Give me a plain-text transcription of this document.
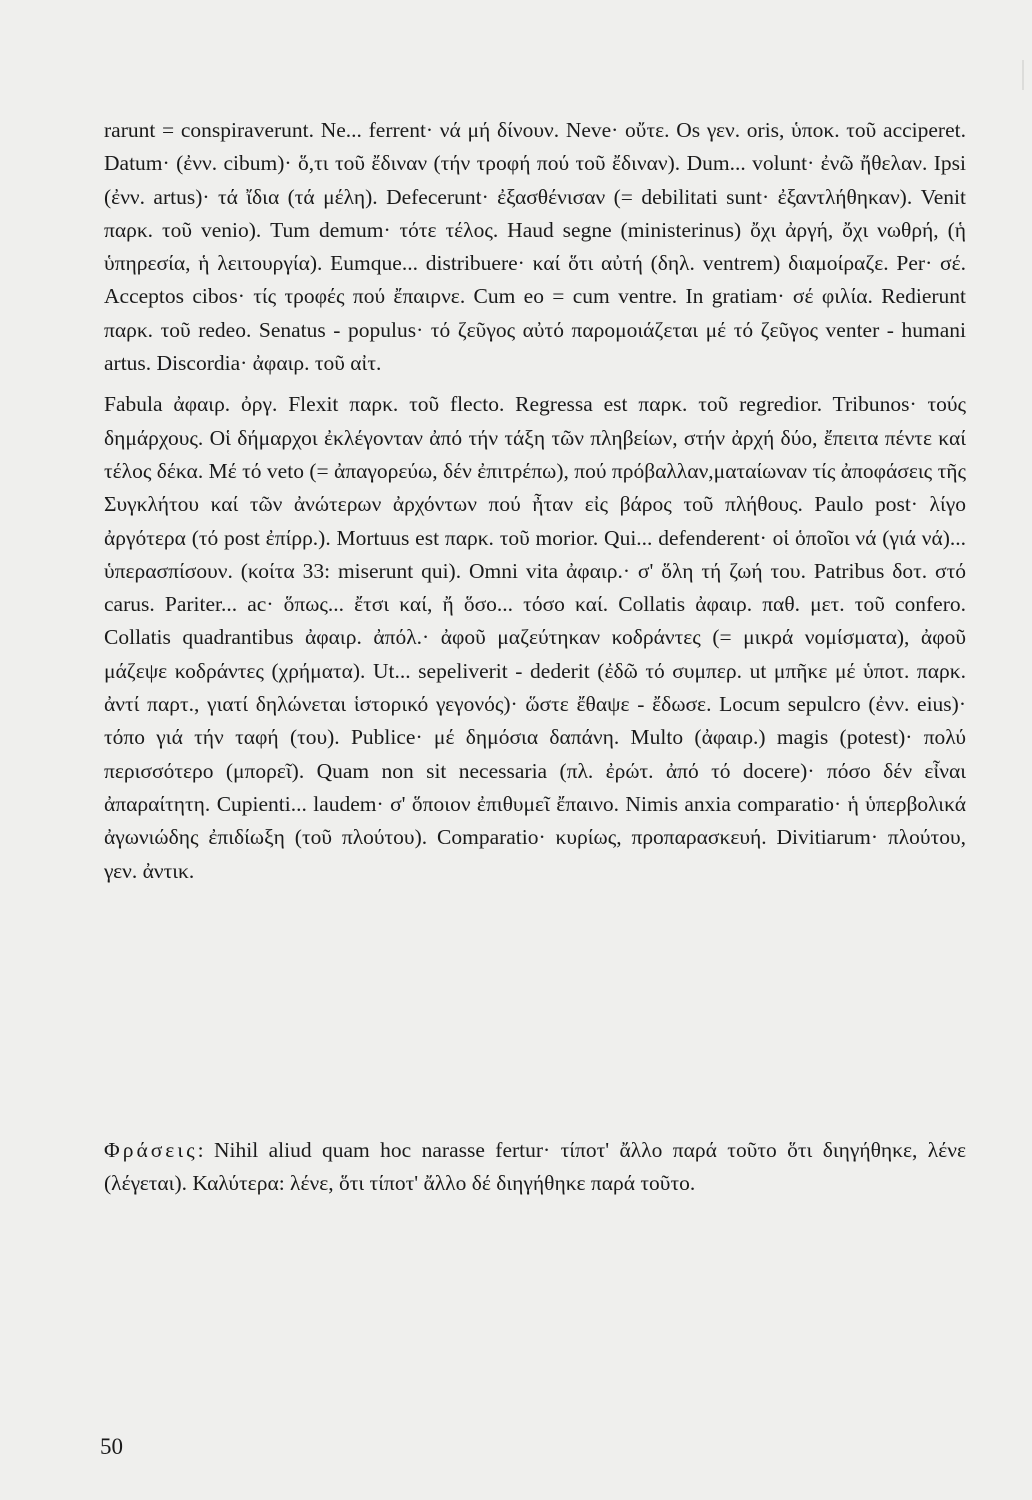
rarunt = conspiraverunt. Ne... ferrent· νά μή δίνουν. Neve· οὔτε. Os γεν. oris, ὑποκ. τοῦ acciperet. Datum· (ἐνν. cibum)· ὅ,τι τοῦ ἔδιναν (τήν τροφή πού τοῦ ἔδιναν). Dum... volunt· ἐνῶ ἤθελαν. Ipsi (ἐνν. artus)· τά ἴδια (τά μέλη). Defecerunt· ἐξασθένισαν (= debilitati sunt· ἐξαντλήθηκαν). Venit παρκ. τοῦ venio). Tum demum· τότε τέλος. Haud segne (ministerinus) ὄχι ἀργή, ὄχι νωθρή, (ἡ ὑπηρεσία, ἡ λειτουργία). Eumque... distribuere· καί ὅτι αὐτή (δηλ. ventrem) διαμοίραζε. Per· σέ. Acceptos cibos· τίς τροφές πού ἔπαιρνε. Cum eo = cum ventre. In gratiam· σέ φιλία. Redierunt παρκ. τοῦ redeo. Senatus - populus· τό ζεῦγος αὐτό παρομοιάζεται μέ τό ζεῦγος venter - humani artus. Discordia· ἀφαιρ. τοῦ αἰτ.

Fabula ἀφαιρ. ὀργ. Flexit παρκ. τοῦ flecto. Regressa est παρκ. τοῦ regredior. Tribunos· τούς δημάρχους. Οἱ δήμαρχοι ἐκλέγονταν ἀπό τήν τάξη τῶν πληβείων, στήν ἀρχή δύο, ἔπειτα πέντε καί τέλος δέκα. Μέ τό veto (= ἀπαγορεύω, δέν ἐπιτρέπω), πού πρόβαλλαν,ματαίωναν τίς ἀποφάσεις τῆς Συγκλήτου καί τῶν ἀνώτερων ἀρχόντων πού ἦταν εἰς βάρος τοῦ πλήθους. Paulo post· λίγο ἀργότερα (τό post ἐπίρρ.). Mortuus est παρκ. τοῦ morior. Qui... defenderent· οἱ ὁποῖοι νά (γιά νά)... ὑπερασπίσουν. (κοίτα 33: miserunt qui). Omni vita ἀφαιρ.· σ' ὅλη τή ζωή του. Patribus δοτ. στό carus. Pariter... ac· ὅπως... ἔτσι καί, ἤ ὅσο... τόσο καί. Collatis ἀφαιρ. παθ. μετ. τοῦ confero. Collatis quadrantibus ἀφαιρ. ἀπόλ.· ἀφοῦ μαζεύτηκαν κοδράντες (= μικρά νομίσματα), ἀφοῦ μάζεψε κοδράντες (χρήματα). Ut... sepeliverit - dederit (ἐδῶ τό συμπερ. ut μπῆκε μέ ὑποτ. παρκ. ἀντί παρτ., γιατί δηλώνεται ἱστορικό γεγονός)· ὥστε ἔθαψε - ἔδωσε. Locum sepulcro (ἐνν. eius)· τόπο γιά τήν ταφή (του). Publice· μέ δημόσια δαπάνη. Multo (ἀφαιρ.) magis (potest)· πολύ περισσότερο (μπορεῖ). Quam non sit necessaria (πλ. ἐρώτ. ἀπό τό docere)· πόσο δέν εἶναι ἀπαραίτητη. Cupienti... laudem· σ' ὅποιον ἐπιθυμεῖ ἔπαινο. Nimis anxia comparatio· ἡ ὑπερβολικά ἀγωνιώδης ἐπιδίωξη (τοῦ πλούτου). Comparatio· κυρίως, προπαρασκευή. Divitiarum· πλούτου, γεν. ἀντικ.

Φράσεις: Nihil aliud quam hoc narasse fertur· τίποτ' ἄλλο παρά τοῦτο ὅτι διηγήθηκε, λένε (λέγεται). Καλύτερα: λένε, ὅτι τίποτ' ἄλλο δέ διηγήθηκε παρά τοῦτο.

50
